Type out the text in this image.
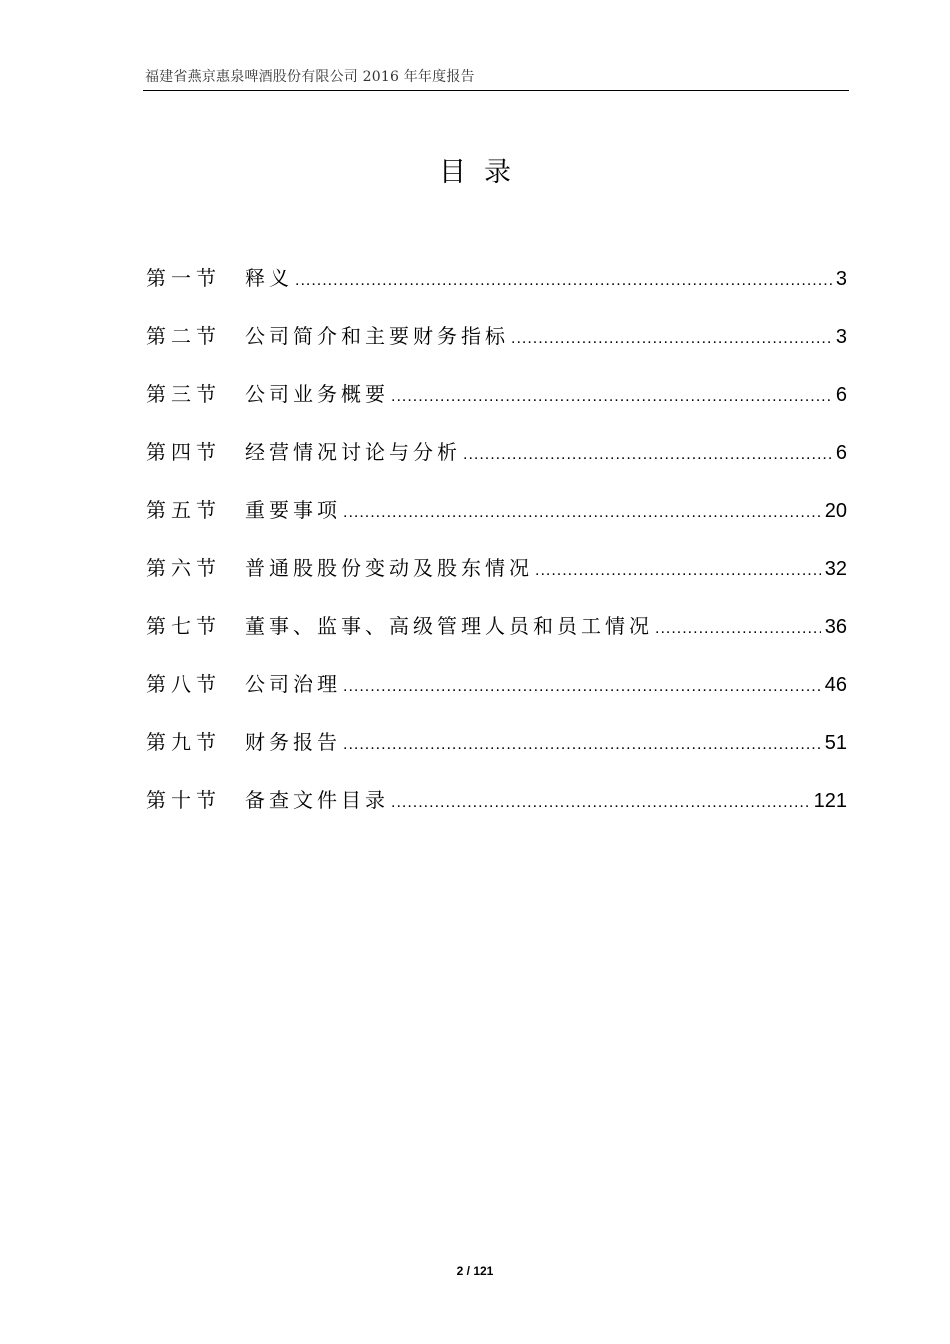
福建省燕京惠泉啤酒股份有限公司 2016 年年度报告
目录
第一节	释义 .....	3
第二节	公司简介和主要财务指标 .....	3
第三节	公司业务概要 .....	6
第四节	经营情况讨论与分析 .....	6
第五节	重要事项 .....	20
第六节	普通股股份变动及股东情况 .....	32
第七节	董事、监事、高级管理人员和员工情况 .....	36
第八节	公司治理 .....	46
第九节	财务报告 .....	51
第十节	备查文件目录 .....	121
2 / 121
